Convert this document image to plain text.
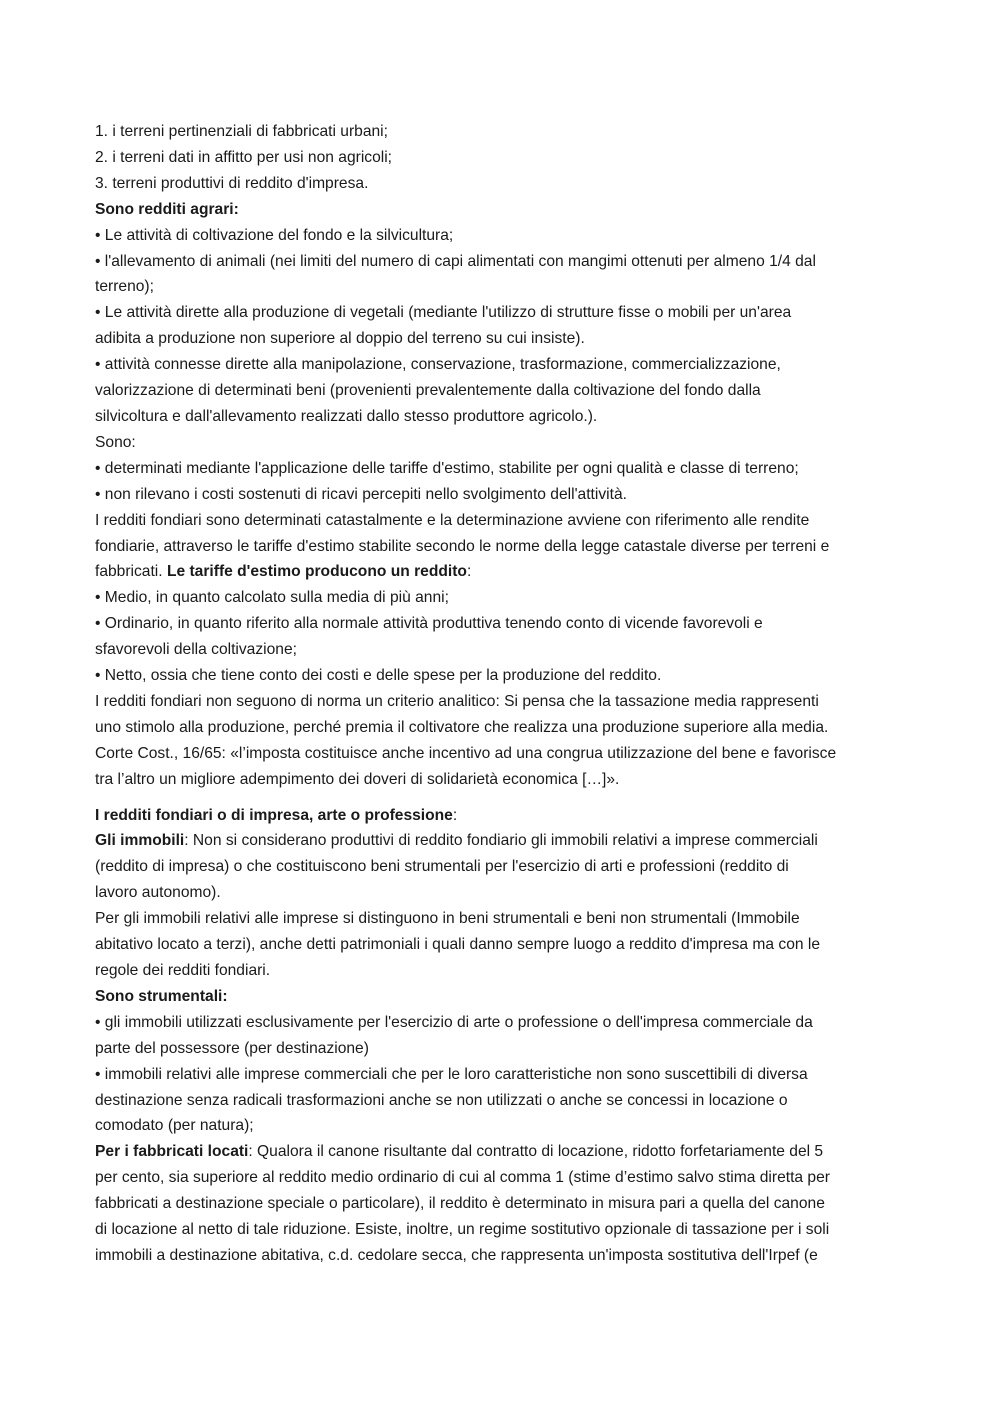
1. i terreni pertinenziali di fabbricati urbani;
2. i terreni dati in affitto per usi non agricoli;
3. terreni produttivi di reddito d'impresa.
Sono redditi agrari:
• Le attività di coltivazione del fondo e la silvicultura;
• l'allevamento di animali (nei limiti del numero di capi alimentati con mangimi ottenuti per almeno 1/4 dal
terreno);
• Le attività dirette alla produzione di vegetali (mediante l'utilizzo di strutture fisse o mobili per un'area
adibita a produzione non superiore al doppio del terreno su cui insiste).
• attività connesse dirette alla manipolazione, conservazione, trasformazione, commercializzazione,
valorizzazione di determinati beni (provenienti prevalentemente dalla coltivazione del fondo dalla
silvicoltura e dall'allevamento realizzati dallo stesso produttore agricolo.).
Sono:
• determinati mediante l'applicazione delle tariffe d'estimo, stabilite per ogni qualità e classe di terreno;
• non rilevano i costi sostenuti di ricavi percepiti nello svolgimento dell'attività.
I redditi fondiari sono determinati catastalmente e la determinazione avviene con riferimento alle rendite
fondiarie, attraverso le tariffe d'estimo stabilite secondo le norme della legge catastale diverse per terreni e
fabbricati. Le tariffe d'estimo producono un reddito:
• Medio, in quanto calcolato sulla media di più anni;
• Ordinario, in quanto riferito alla normale attività produttiva tenendo conto di vicende favorevoli e
sfavorevoli della coltivazione;
• Netto, ossia che tiene conto dei costi e delle spese per la produzione del reddito.
I redditi fondiari non seguono di norma un criterio analitico: Si pensa che la tassazione media rappresenti
uno stimolo alla produzione, perché premia il coltivatore che realizza una produzione superiore alla media.
Corte Cost., 16/65: «l’imposta costituisce anche incentivo ad una congrua utilizzazione del bene e favorisce
tra l’altro un migliore adempimento dei doveri di solidarietà economica […]».
I redditi fondiari o di impresa, arte o professione:
Gli immobili: Non si considerano produttivi di reddito fondiario gli immobili relativi a imprese commerciali
(reddito di impresa) o che costituiscono beni strumentali per l'esercizio di arti e professioni (reddito di
lavoro autonomo).
Per gli immobili relativi alle imprese si distinguono in beni strumentali e beni non strumentali (Immobile
abitativo locato a terzi), anche detti patrimoniali i quali danno sempre luogo a reddito d'impresa ma con le
regole dei redditi fondiari.
Sono strumentali:
• gli immobili utilizzati esclusivamente per l'esercizio di arte o professione o dell'impresa commerciale da
parte del possessore (per destinazione)
• immobili relativi alle imprese commerciali che per le loro caratteristiche non sono suscettibili di diversa
destinazione senza radicali trasformazioni anche se non utilizzati o anche se concessi in locazione o
comodato (per natura);
Per i fabbricati locati: Qualora il canone risultante dal contratto di locazione, ridotto forfetariamente del 5
per cento, sia superiore al reddito medio ordinario di cui al comma 1 (stime d’estimo salvo stima diretta per
fabbricati a destinazione speciale o particolare), il reddito è determinato in misura pari a quella del canone
di locazione al netto di tale riduzione. Esiste, inoltre, un regime sostitutivo opzionale di tassazione per i soli
immobili a destinazione abitativa, c.d. cedolare secca, che rappresenta un'imposta sostitutiva dell'Irpef (e
